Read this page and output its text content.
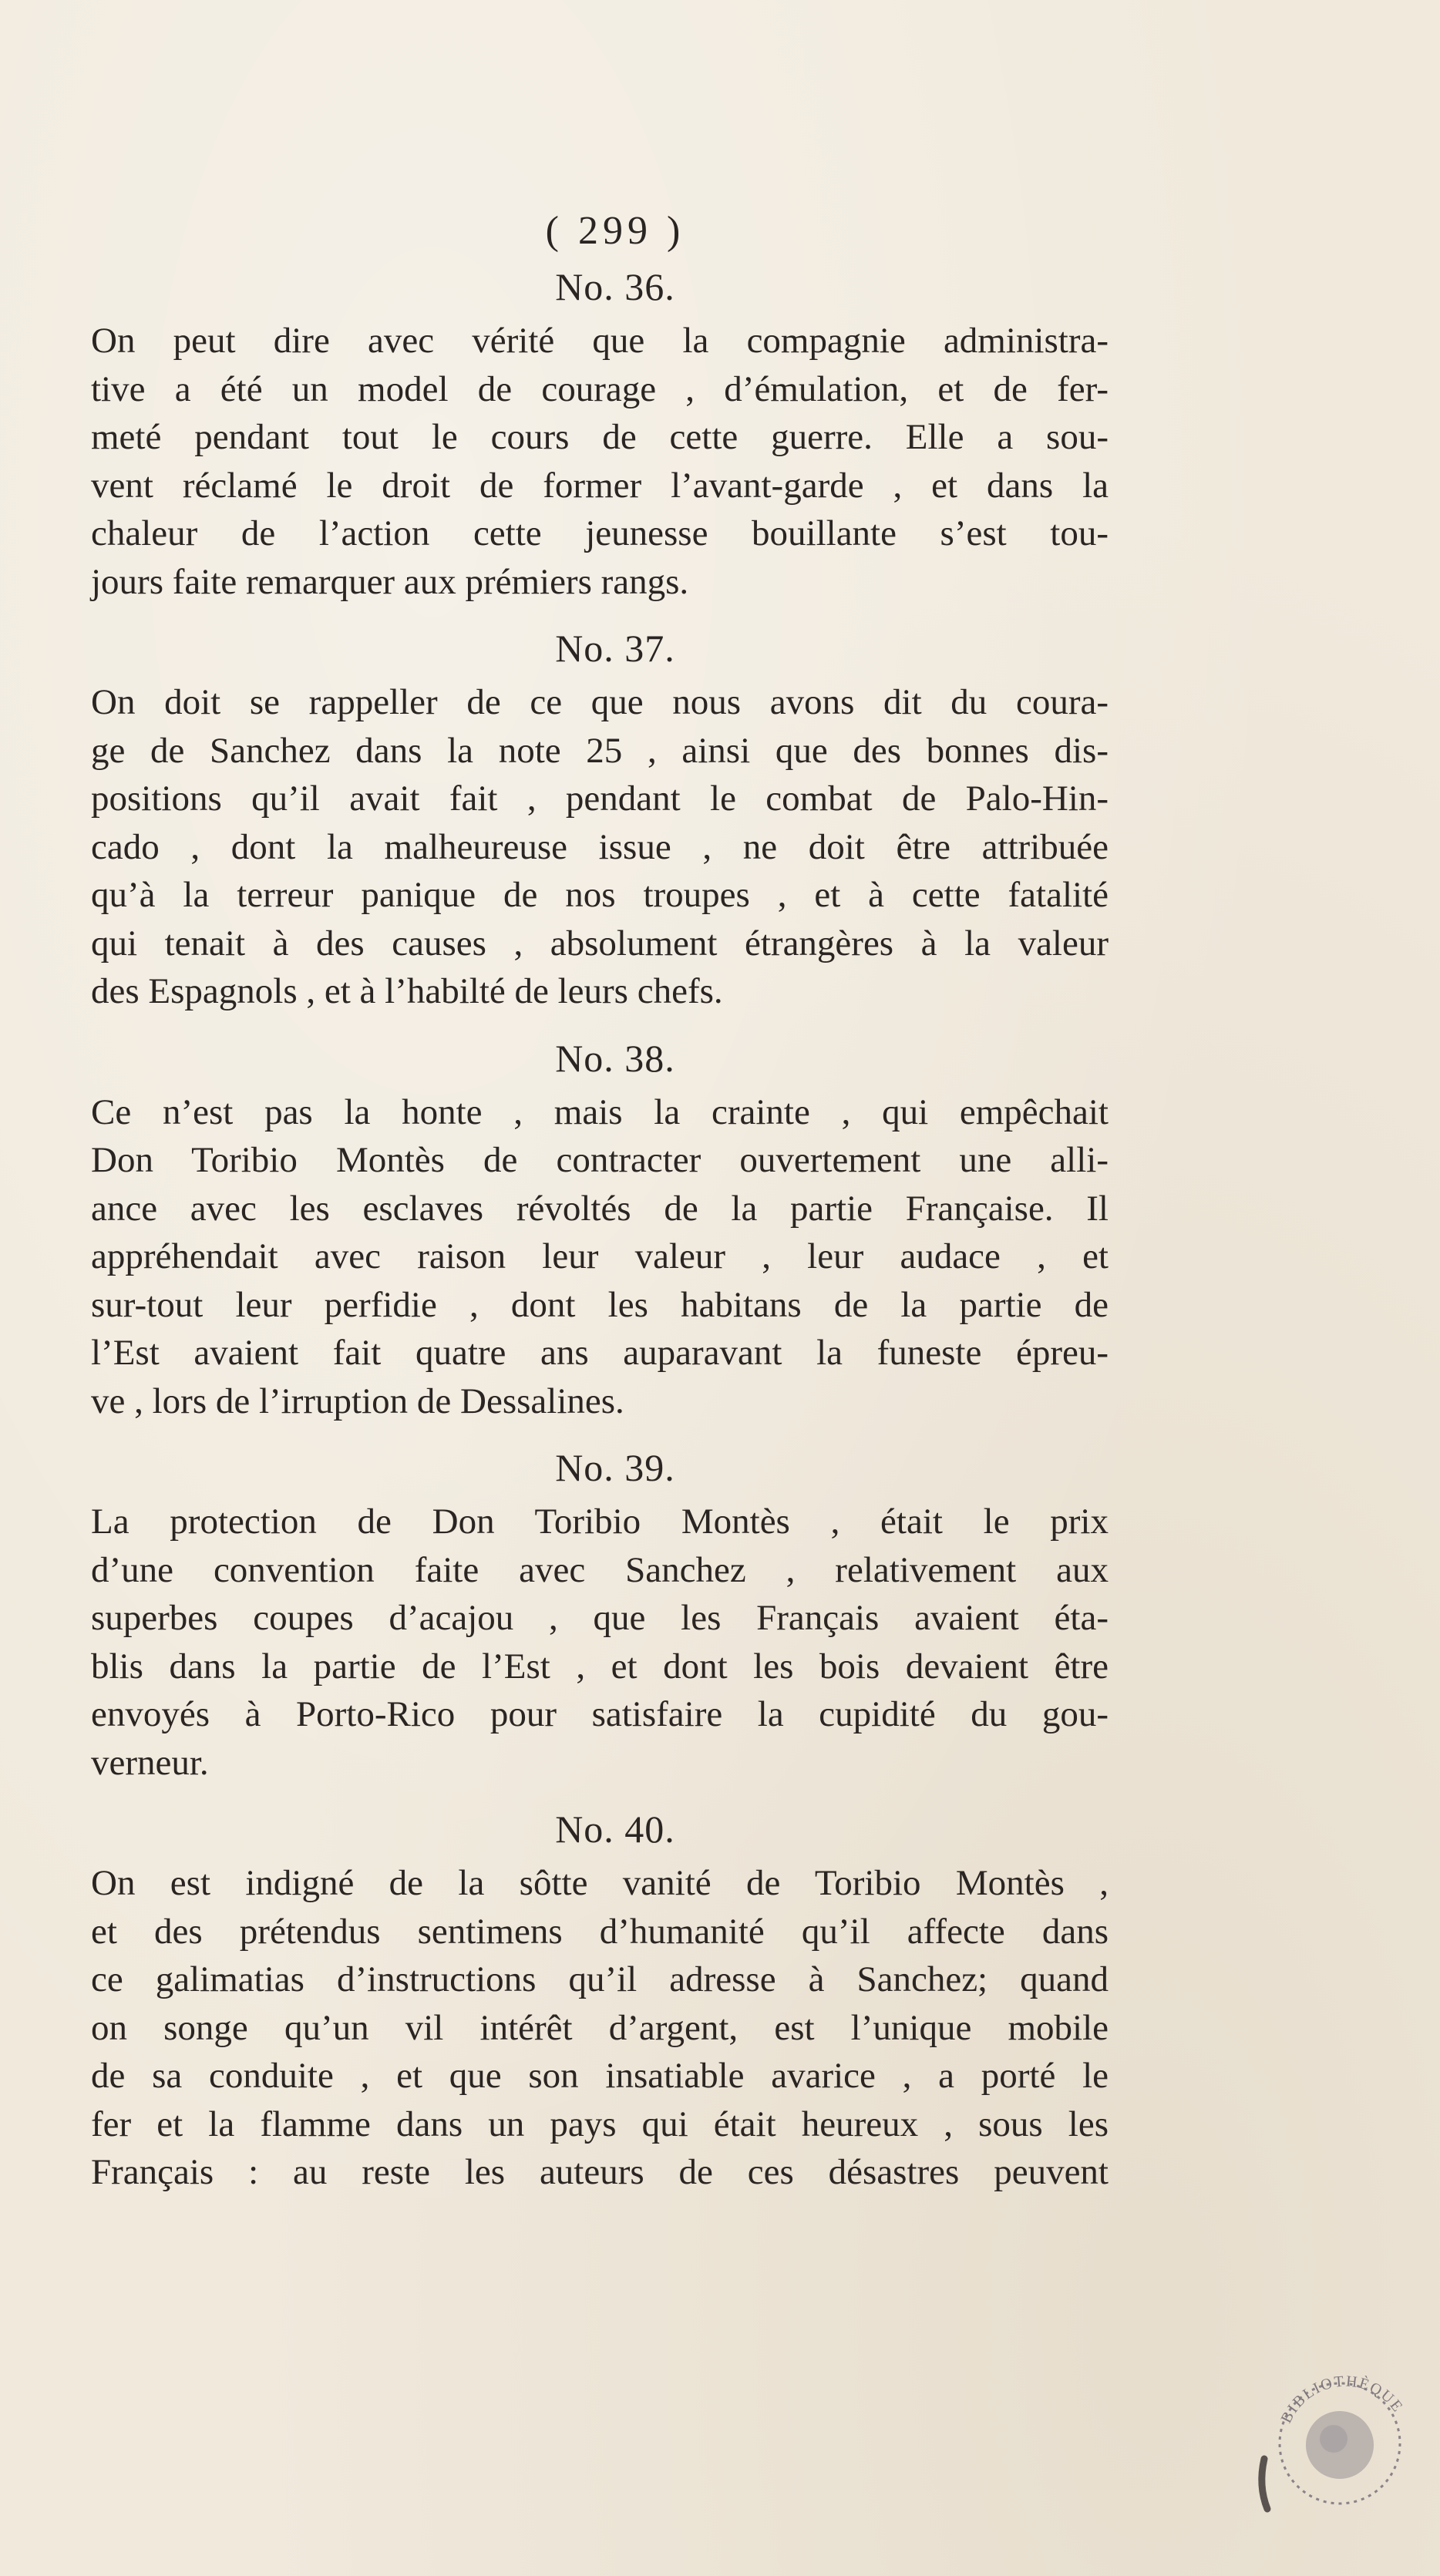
( 299 )
No. 36.
On peut dire avec vérité que la compagnie administra-
tive a été un model de courage , d’émulation, et de fer-
meté pendant tout le cours de cette guerre. Elle a sou-
vent réclamé le droit de former l’avant-garde , et dans la
chaleur de l’action cette jeunesse bouillante s’est tou-
jours faite remarquer aux prémiers rangs.
No. 37.
On doit se rappeller de ce que nous avons dit du coura-
ge de Sanchez dans la note 25 , ainsi que des bonnes dis-
positions qu’il avait fait , pendant le combat de Palo-Hin-
cado , dont la malheureuse issue , ne doit être attribuée
qu’à la terreur panique de nos troupes , et à cette fatalité
qui tenait à des causes , absolument étrangères à la valeur
des Espagnols , et à l’habilté de leurs chefs.
No. 38.
Ce n’est pas la honte , mais la crainte , qui empêchait
Don Toribio Montès de contracter ouvertement une alli-
ance avec les esclaves révoltés de la partie Française. Il
appréhendait avec raison leur valeur , leur audace , et
sur-tout leur perfidie , dont les habitans de la partie de
l’Est avaient fait quatre ans auparavant la funeste épreu-
ve , lors de l’irruption de Dessalines.
No. 39.
La protection de Don Toribio Montès , était le prix
d’une convention faite avec Sanchez , relativement aux
superbes coupes d’acajou , que les Français avaient éta-
blis dans la partie de l’Est , et dont les bois devaient être
envoyés à Porto-Rico pour satisfaire la cupidité du gou-
verneur.
No. 40.
On est indigné de la sôtte vanité de Toribio Montès ,
et des prétendus sentimens d’humanité qu’il affecte dans
ce galimatias d’instructions qu’il adresse à Sanchez; quand
on songe qu’un vil intérêt d’argent, est l’unique mobile
de sa conduite , et que son insatiable avarice , a porté le
fer et la flamme dans un pays qui était heureux , sous les
Français : au reste les auteurs de ces désastres peuvent
BIBLIOTHÈQUE
